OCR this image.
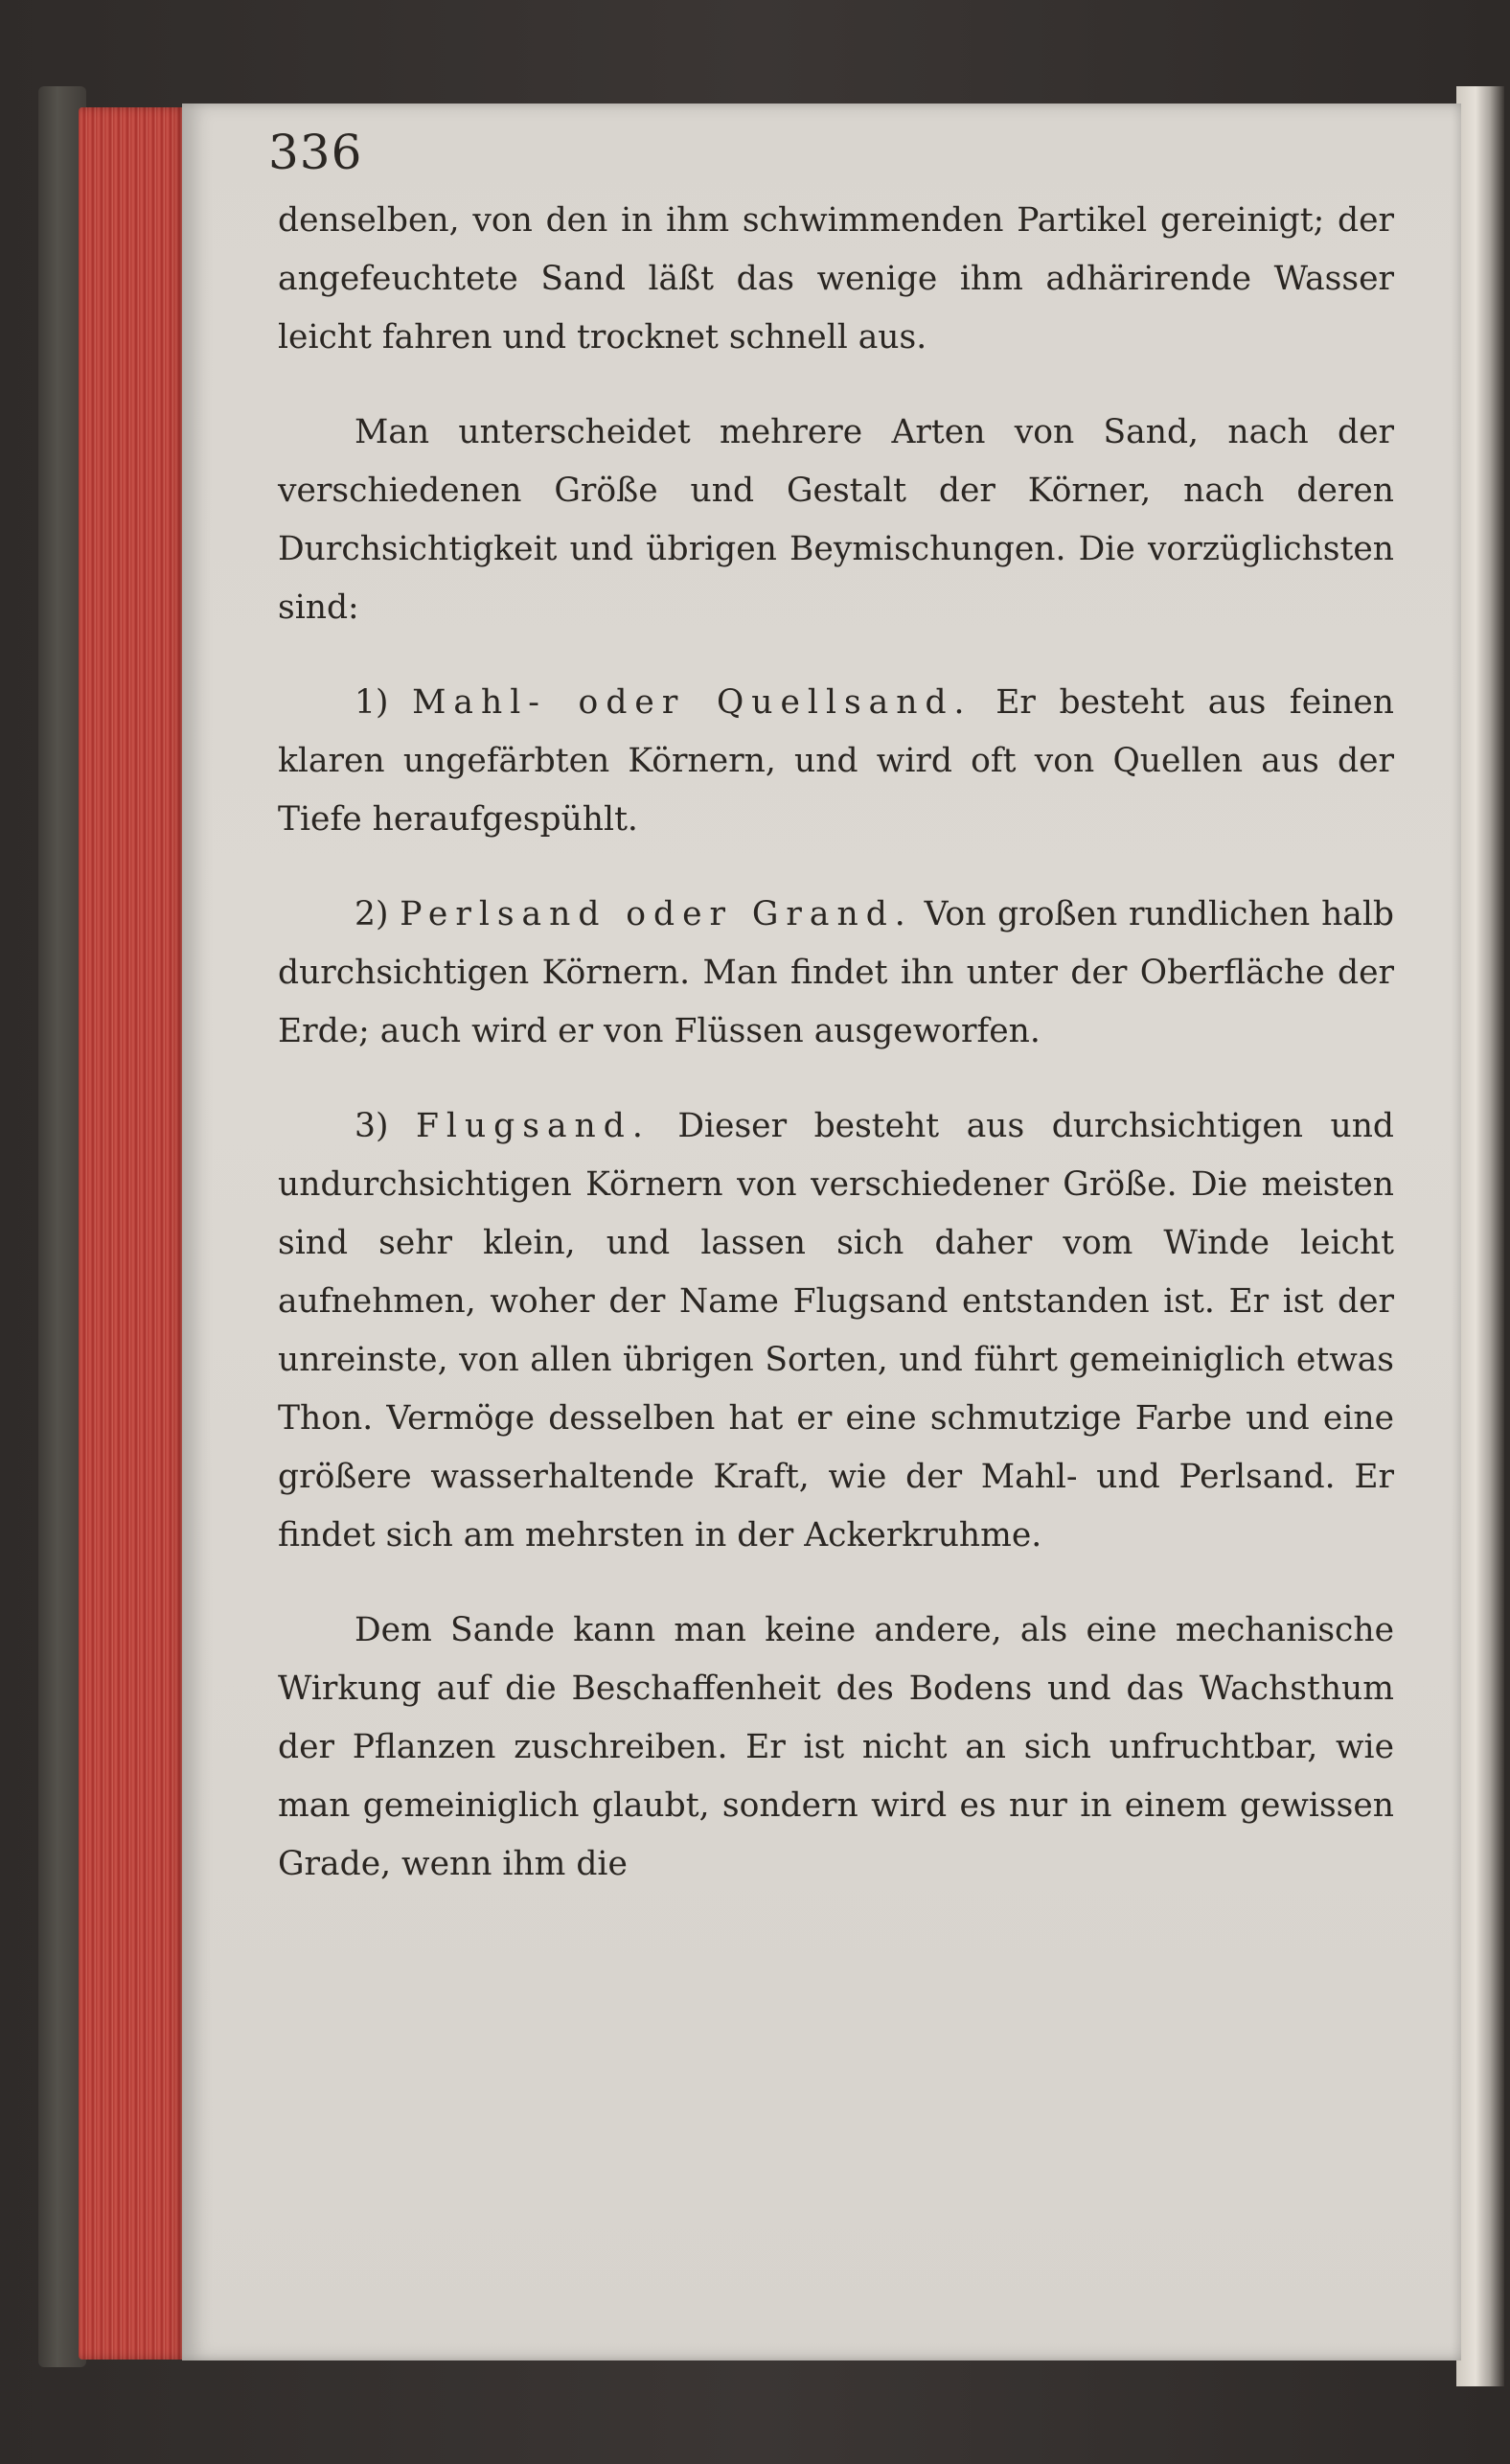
336

denselben, von den in ihm schwimmenden Partikel gereinigt; der angefeuchtete Sand läßt das wenige ihm adhärirende Wasser leicht fahren und trocknet schnell aus.

Man unterscheidet mehrere Arten von Sand, nach der verschiedenen Größe und Gestalt der Körner, nach deren Durchsichtigkeit und übrigen Beymischungen. Die vorzüglichsten sind:

1) Mahl- oder Quellsand. Er besteht aus feinen klaren ungefärbten Körnern, und wird oft von Quellen aus der Tiefe heraufgespühlt.

2) Perlsand oder Grand. Von großen rundlichen halb durchsichtigen Körnern. Man findet ihn unter der Oberfläche der Erde; auch wird er von Flüssen ausgeworfen.

3) Flugsand. Dieser besteht aus durchsichtigen und undurchsichtigen Körnern von verschiedener Größe. Die meisten sind sehr klein, und lassen sich daher vom Winde leicht aufnehmen, woher der Name Flugsand entstanden ist. Er ist der unreinste, von allen übrigen Sorten, und führt gemeiniglich etwas Thon. Vermöge desselben hat er eine schmutzige Farbe und eine größere wasserhaltende Kraft, wie der Mahl- und Perlsand. Er findet sich am mehrsten in der Ackerkruhme.

Dem Sande kann man keine andere, als eine mechanische Wirkung auf die Beschaffenheit des Bodens und das Wachsthum der Pflanzen zuschreiben. Er ist nicht an sich unfruchtbar, wie man gemeiniglich glaubt, sondern wird es nur in einem gewissen Grade, wenn ihm die
